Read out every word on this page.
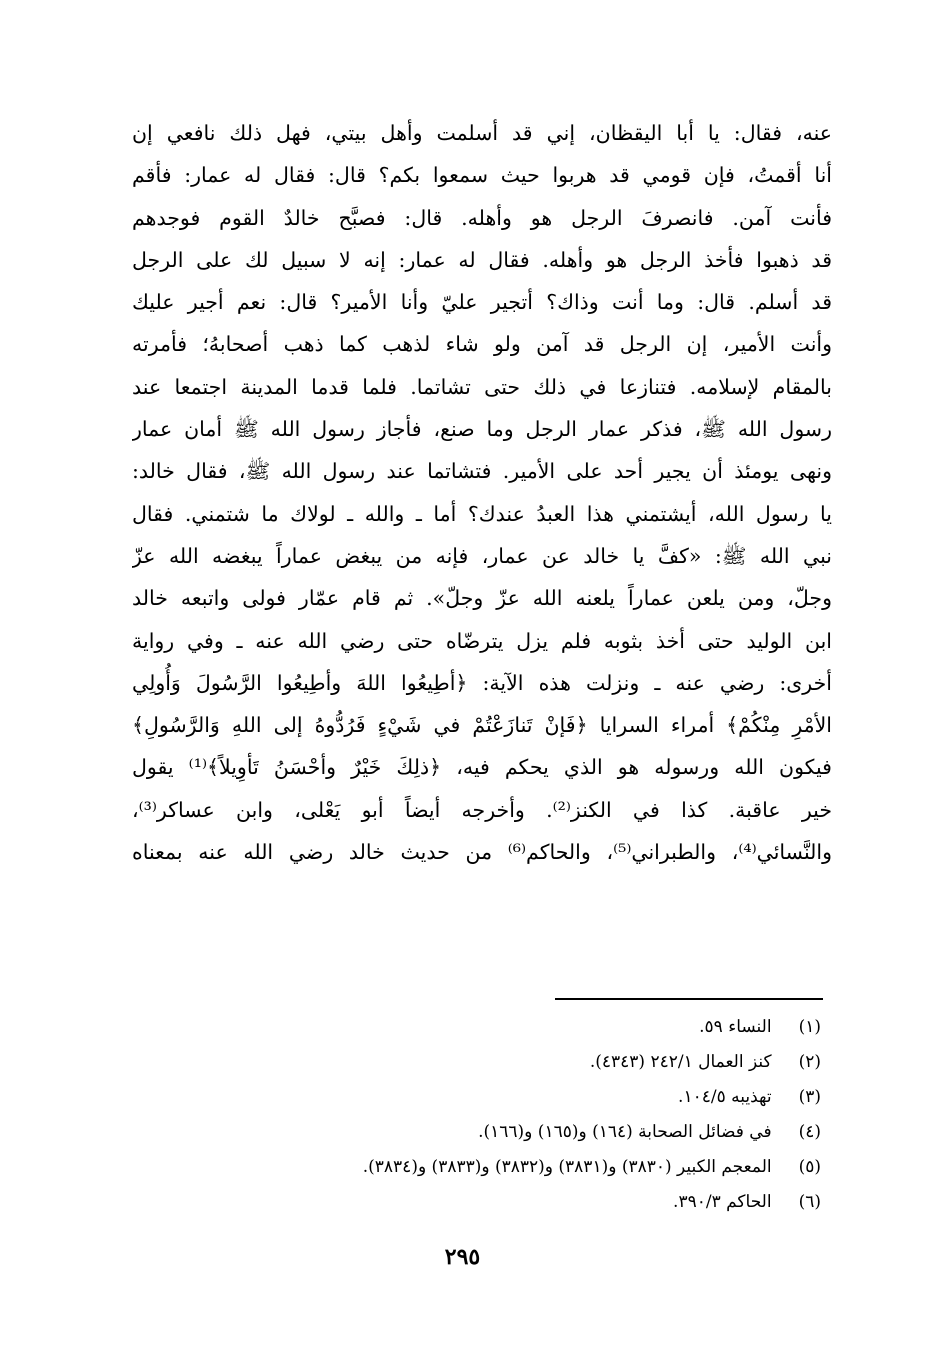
عنه، فقال: يا أبا اليقظان، إني قد أسلمت وأهل بيتي، فهل ذلك نافعي إن
أنا أقمتُ، فإن قومي قد هربوا حيث سمعوا بكم؟ قال: فقال له عمار: فأقم
فأنت آمن. فانصرفَ الرجل هو وأهله. قال: فصبَّح خالدٌ القوم فوجدهم
قد ذهبوا فأخذ الرجل هو وأهله. فقال له عمار: إنه لا سبيل لك على الرجل
قد أسلم. قال: وما أنت وذاك؟ أتجير عليّ وأنا الأمير؟ قال: نعم أجير عليك
وأنت الأمير، إن الرجل قد آمن ولو شاء لذهب كما ذهب أصحابهُ؛ فأمرته
بالمقام لإسلامه. فتنازعا في ذلك حتى تشاتما. فلما قدما المدينة اجتمعا عند
رسول الله ﷺ، فذكر عمار الرجل وما صنع، فأجاز رسول الله ﷺ أمان عمار
ونهى يومئذ أن يجير أحد على الأمير. فتشاتما عند رسول الله ﷺ، فقال خالد:
يا رسول الله، أيشتمني هذا العبدُ عندك؟ أما ـ والله ـ لولاك ما شتمني. فقال
نبي الله ﷺ: «كفَّ يا خالد عن عمار، فإنه من يبغض عماراً يبغضه الله عزّ
وجلّ، ومن يلعن عماراً يلعنه الله عزّ وجلّ». ثم قام عمّار فولى واتبعه خالد
ابن الوليد حتى أخذ بثوبه فلم يزل يترضّاه حتى رضي الله عنه ـ وفي رواية
أخرى: رضي عنه ـ ونزلت هذه الآية: ﴿أطِيعُوا اللهَ وأطِيعُوا الرَّسُولَ وَأُولِي
الأمْرِ مِنْكُمْ﴾ أمراء السرايا ﴿فَإنْ تَنازَعْتُمْ في شَيْءٍ فَرُدُّوهُ إلى اللهِ وَالرَّسُولِ﴾
فيكون الله ورسوله هو الذي يحكم فيه، ﴿ذلِكَ خَيْرٌ وأحْسَنُ تَأوِيلاً﴾⁽¹⁾ يقول
خير عاقبة. كذا في الكنز⁽²⁾. وأخرجه أيضاً أبو يَعْلى، وابن عساكر⁽³⁾،
والنَّسائي⁽⁴⁾، والطبراني⁽⁵⁾، والحاكم⁽⁶⁾ من حديث خالد رضي الله عنه بمعناه
(١) النساء ٥٩.
(٢) كنز العمال ٢٤٢/١ (٤٣٤٣).
(٣) تهذيبه ١٠٤/٥.
(٤) في فضائل الصحابة (١٦٤) و(١٦٥) و(١٦٦).
(٥) المعجم الكبير (٣٨٣٠) و(٣٨٣١) و(٣٨٣٢) و(٣٨٣٣) و(٣٨٣٤).
(٦) الحاكم ٣٩٠/٣.
٢٩٥
